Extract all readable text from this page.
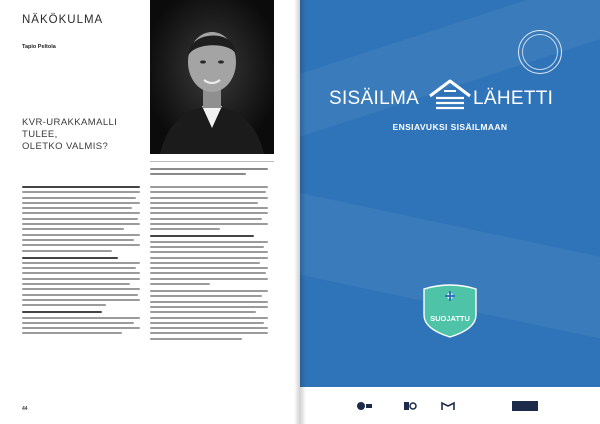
NÄKÖKULMA
Tapio Peltola
KVR-URAKKAMALLI
TULEE,
OLETKO VALMIS?
44
SISÄILMA	LÄHETTI
ENSIAVUKSI SISÄILMAAN
SUOJATTU
